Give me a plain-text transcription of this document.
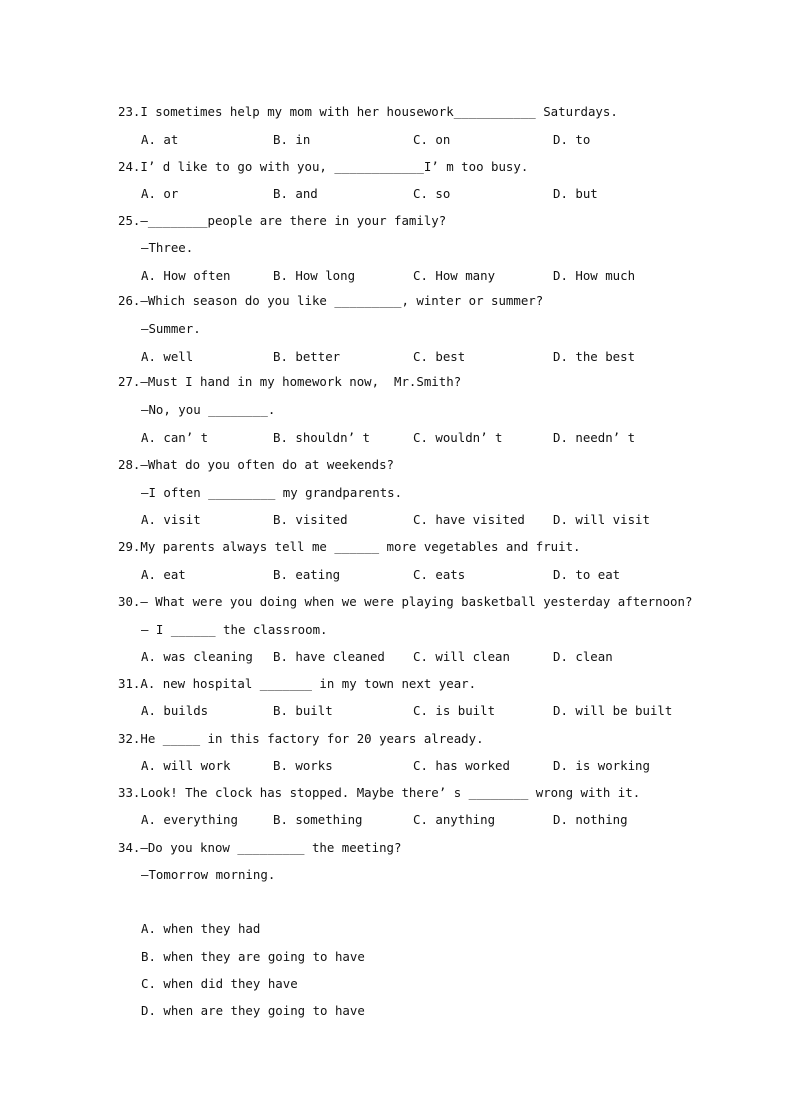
23.I sometimes help my mom with her housework___________ Saturdays.
A. at	B. in	C. on	D. to
24.I’ d like to go with you, ____________I’ m too busy.
A. or	B. and	C. so	D. but
25.—________people are there in your family?
—Three.
A. How often	B. How long	C. How many	D. How much
26.—Which season do you like _________, winter or summer?
—Summer.
A. well	B. better	C. best	D. the best
27.—Must I hand in my homework now,  Mr.Smith?
—No, you ________.
A. can’ t	B. shouldn’ t	C. wouldn’ t	D. needn’ t
28.—What do you often do at weekends?
—I often _________ my grandparents.
A. visit	B. visited	C. have visited D. will visit
29.My parents always tell me ______ more vegetables and fruit.
A. eat	B. eating	C. eats	D. to eat
30.— What were you doing when we were playing basketball yesterday afternoon?
— I ______ the classroom.
A. was cleaning B. have cleaned C. will clean	D. clean
31.A. new hospital _______ in my town next year.
A. builds	B. built	C. is built	D. will be built
32.He _____ in this factory for 20 years already.
A. will work	B. works	C. has worked	D. is working
33.Look! The clock has stopped. Maybe there’ s ________ wrong with it.
A. everything	B. something	C. anything	D. nothing
34.—Do you know _________ the meeting?
—Tomorrow morning.
A. when they had
B. when they are going to have
C. when did they have
D. when are they going to have
